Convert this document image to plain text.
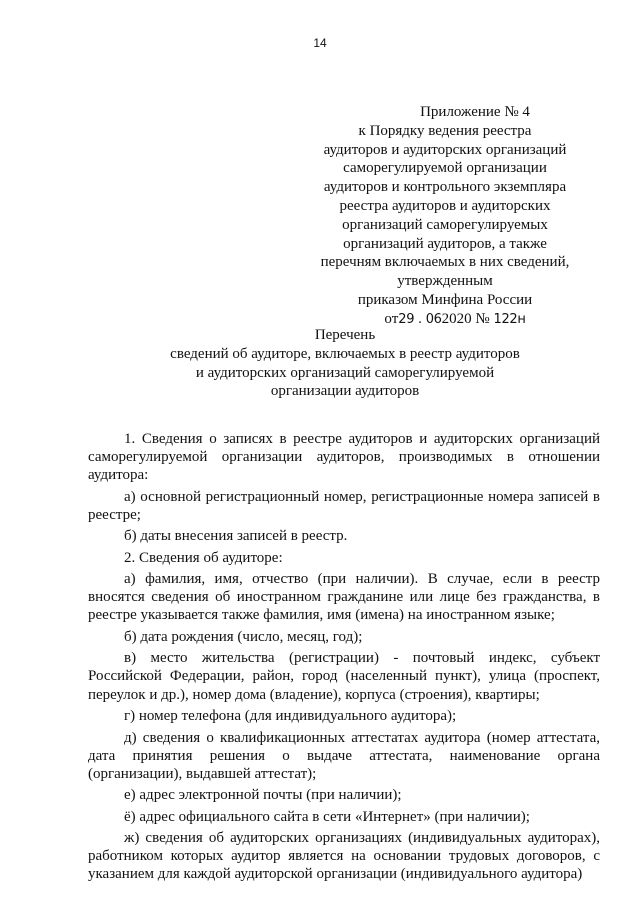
14
Приложение № 4
к Порядку ведения реестра
аудиторов и аудиторских организаций
саморегулируемой организации
аудиторов и контрольного экземпляра
реестра аудиторов и аудиторских
организаций саморегулируемых
организаций аудиторов, а также
перечням включаемых в них сведений,
утвержденным
приказом Минфина России
от29 . 062020 № 122н
Перечень
сведений об аудиторе, включаемых в реестр аудиторов
и аудиторских организаций саморегулируемой
организации аудиторов

1. Сведения о записях в реестре аудиторов и аудиторских организаций саморегулируемой организации аудиторов, производимых в отношении аудитора:

а) основной регистрационный номер, регистрационные номера записей в реестре;

б) даты внесения записей в реестр.

2. Сведения об аудиторе:

а) фамилия, имя, отчество (при наличии). В случае, если в реестр вносятся сведения об иностранном гражданине или лице без гражданства, в реестре указывается также фамилия, имя (имена) на иностранном языке;

б) дата рождения (число, месяц, год);

в) место жительства (регистрации) - почтовый индекс, субъект Российской Федерации, район, город (населенный пункт), улица (проспект, переулок и др.), номер дома (владение), корпуса (строения), квартиры;

г) номер телефона (для индивидуального аудитора);

д) сведения о квалификационных аттестатах аудитора (номер аттестата, дата принятия решения о выдаче аттестата, наименование органа (организации), выдавшей аттестат);

е) адрес электронной почты (при наличии);

ё) адрес официального сайта в сети «Интернет» (при наличии);

ж) сведения об аудиторских организациях (индивидуальных аудиторах), работником которых аудитор является на основании трудовых договоров, с указанием для каждой аудиторской организации (индивидуального аудитора)
